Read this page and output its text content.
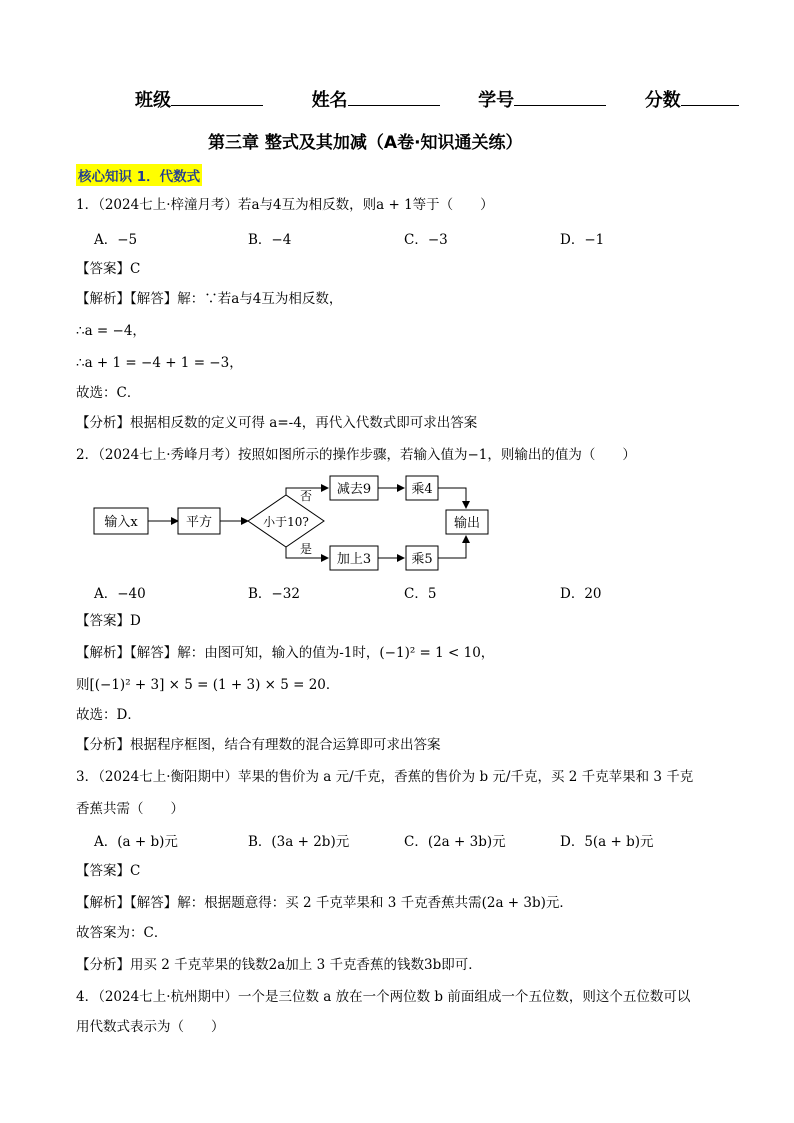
班级	姓名	学号	分数
第三章 整式及其加减（A卷·知识通关练）
核心知识 1．代数式
1．（2024七上·梓潼月考）若a与4互为相反数，则a + 1等于（　　）
A．−5	B．−4	C．−3	D．−1
【答案】C
【解析】【解答】解：∵若a与4互为相反数，
∴a = −4，
∴a + 1 = −4 + 1 = −3，
故选：C．
【分析】根据相反数的定义可得 a=-4，再代入代数式即可求出答案
2．（2024七上·秀峰月考）按照如图所示的操作步骤，若输入值为−1，则输出的值为（　　）
输入x	平方	小于10?
否 减去9	乘4
是
加上3	乘5
输出
A．−40	B．−32	C．5	D．20
【答案】D
【解析】【解答】解：由图可知，输入的值为-1时，(−1)² = 1 < 10，
则[(−1)² + 3] × 5 = (1 + 3) × 5 = 20．
故选：D．
【分析】根据程序框图，结合有理数的混合运算即可求出答案
3．（2024七上·衡阳期中）苹果的售价为 a 元/千克，香蕉的售价为 b 元/千克，买 2 千克苹果和 3 千克
香蕉共需（　　）
A．(a + b)元	B．(3a + 2b)元	C．(2a + 3b)元	D．5(a + b)元
【答案】C
【解析】【解答】解：根据题意得：买 2 千克苹果和 3 千克香蕉共需(2a + 3b)元．
故答案为：C．
【分析】用买 2 千克苹果的钱数2a加上 3 千克香蕉的钱数3b即可．
4．（2024七上·杭州期中）一个是三位数 a 放在一个两位数 b 前面组成一个五位数，则这个五位数可以
用代数式表示为（　　）
